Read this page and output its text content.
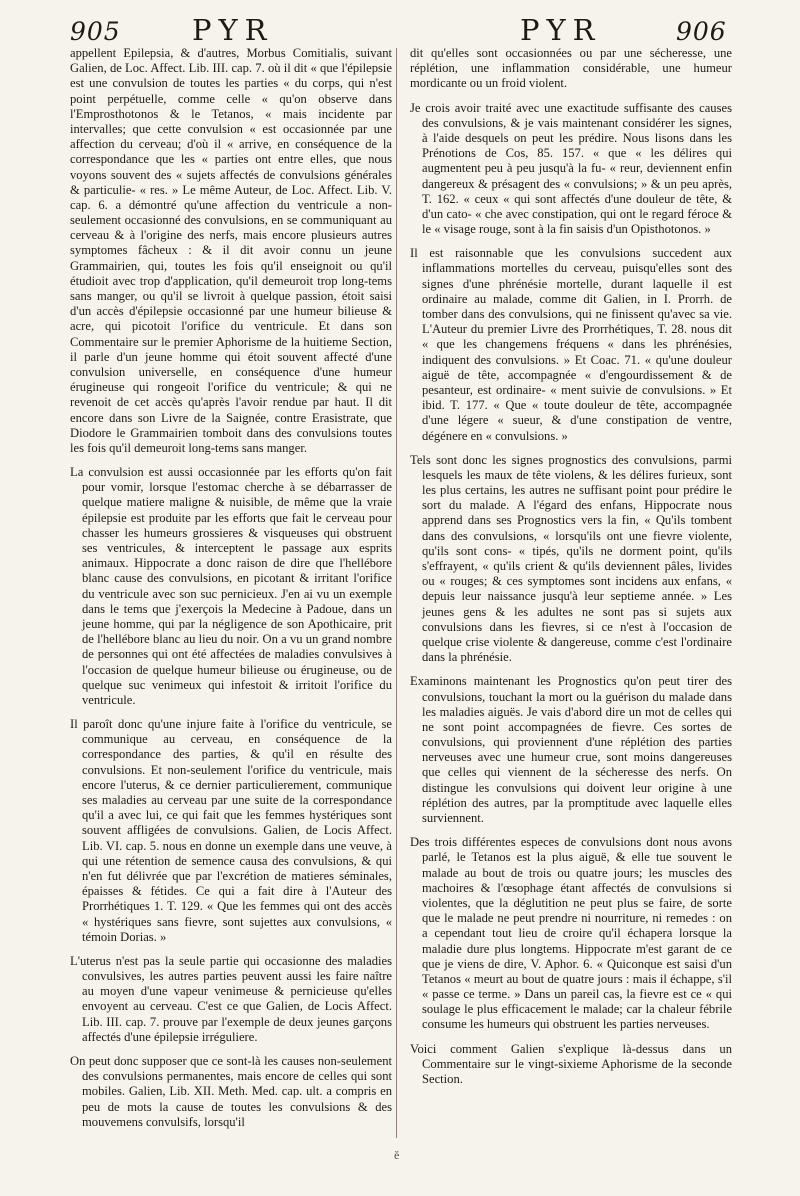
905 PYR	PYR	906

appellent Epilepsia, & d'autres, Morbus Comitialis, suivant Galien, de Loc. Affect. Lib. III. cap. 7. où il dit « que l'épilepsie est une convulsion de toutes les parties « du corps, qui n'est point perpétuelle, comme celle « qu'on observe dans l'Emprosthotonos & le Tetanos, « mais incidente par intervalles; que cette convulsion « est occasionnée par une affection du cerveau; d'où il « arrive, en conséquence de la correspondance que les « parties ont entre elles, que nous voyons souvent des « sujets affectés de convulsions générales & particulie- « res. » Le même Auteur, de Loc. Affect. Lib. V. cap. 6. a démontré qu'une affection du ventricule a non-seulement occasionné des convulsions, en se communiquant au cerveau & à l'origine des nerfs, mais encore plusieurs autres symptomes fâcheux : & il dit avoir connu un jeune Grammairien, qui, toutes les fois qu'il enseignoit ou qu'il étudioit avec trop d'application, qu'il demeuroit trop long-tems sans manger, ou qu'il se livroit à quelque passion, étoit saisi d'un accès d'épilepsie occasionné par une humeur bilieuse & acre, qui picotoit l'orifice du ventricule. Et dans son Commentaire sur le premier Aphorisme de la huitieme Section, il parle d'un jeune homme qui étoit souvent affecté d'une convulsion universelle, en conséquence d'une humeur érugineuse qui rongeoit l'orifice du ventricule; & qui ne revenoit de cet accès qu'après l'avoir rendue par haut. Il dit encore dans son Livre de la Saignée, contre Erasistrate, que Diodore le Grammairien tomboit dans des convulsions toutes les fois qu'il demeuroit long-tems sans manger.

La convulsion est aussi occasionnée par les efforts qu'on fait pour vomir, lorsque l'estomac cherche à se débarrasser de quelque matiere maligne & nuisible, de même que la vraie épilepsie est produite par les efforts que fait le cerveau pour chasser les humeurs grossieres & visqueuses qui obstruent ses ventricules, & interceptent le passage aux esprits animaux. Hippocrate a donc raison de dire que l'hellébore blanc cause des convulsions, en picotant & irritant l'orifice du ventricule avec son suc pernicieux. J'en ai vu un exemple dans le tems que j'exerçois la Medecine à Padoue, dans un jeune homme, qui par la négligence de son Apothicaire, prit de l'hellébore blanc au lieu du noir. On a vu un grand nombre de personnes qui ont été affectées de maladies convulsives à l'occasion de quelque humeur bilieuse ou érugineuse, ou de quelque suc venimeux qui infestoit & irritoit l'orifice du ventricule.

Il paroît donc qu'une injure faite à l'orifice du ventricule, se communique au cerveau, en conséquence de la correspondance des parties, & qu'il en résulte des convulsions. Et non-seulement l'orifice du ventricule, mais encore l'uterus, & ce dernier particulierement, communique ses maladies au cerveau par une suite de la correspondance qu'il a avec lui, ce qui fait que les femmes hystériques sont souvent affligées de convulsions. Galien, de Locis Affect. Lib. VI. cap. 5. nous en donne un exemple dans une veuve, à qui une rétention de semence causa des convulsions, & qui n'en fut délivrée que par l'excrétion de matieres séminales, épaisses & fétides. Ce qui a fait dire à l'Auteur des Prorrhétiques 1. T. 129. « Que les femmes qui ont des accès « hystériques sans fievre, sont sujettes aux convulsions, « témoin Dorias. »

L'uterus n'est pas la seule partie qui occasionne des maladies convulsives, les autres parties peuvent aussi les faire naître au moyen d'une vapeur venimeuse & pernicieuse qu'elles envoyent au cerveau. C'est ce que Galien, de Locis Affect. Lib. III. cap. 7. prouve par l'exemple de deux jeunes garçons affectés d'une épilepsie irréguliere.

On peut donc supposer que ce sont-là les causes non-seulement des convulsions permanentes, mais encore de celles qui sont mobiles. Galien, Lib. XII. Meth. Med. cap. ult. a compris en peu de mots la cause de toutes les convulsions & des mouvemens convulsifs, lorsqu'il

dit qu'elles sont occasionnées ou par une sécheresse, une réplétion, une inflammation considérable, une humeur mordicante ou un froid violent.

Je crois avoir traité avec une exactitude suffisante des causes des convulsions, & je vais maintenant considérer les signes, à l'aide desquels on peut les prédire. Nous lisons dans les Prénotions de Cos, 85. 157. « que « les délires qui augmentent peu à peu jusqu'à la fu- « reur, deviennent enfin dangereux & présagent des « convulsions; » & un peu après, T. 162. « ceux « qui sont affectés d'une douleur de tête, & d'un cato- « che avec constipation, qui ont le regard féroce & le « visage rouge, sont à la fin saisis d'un Opisthotonos. »

Il est raisonnable que les convulsions succedent aux inflammations mortelles du cerveau, puisqu'elles sont des signes d'une phrénésie mortelle, durant laquelle il est ordinaire au malade, comme dit Galien, in I. Prorrh. de tomber dans des convulsions, qui ne finissent qu'avec sa vie. L'Auteur du premier Livre des Prorrhétiques, T. 28. nous dit « que les changemens fréquens « dans les phrénésies, indiquent des convulsions. » Et Coac. 71. « qu'une douleur aiguë de tête, accompagnée « d'engourdissement & de pesanteur, est ordinaire- « ment suivie de convulsions. » Et ibid. T. 177. « Que « toute douleur de tête, accompagnée d'une légere « sueur, & d'une constipation de ventre, dégénere en « convulsions. »

Tels sont donc les signes prognostics des convulsions, parmi lesquels les maux de tête violens, & les délires furieux, sont les plus certains, les autres ne suffisant point pour prédire le sort du malade. A l'égard des enfans, Hippocrate nous apprend dans ses Prognostics vers la fin, « Qu'ils tombent dans des convulsions, « lorsqu'ils ont une fievre violente, qu'ils sont cons- « tipés, qu'ils ne dorment point, qu'ils s'effrayent, « qu'ils crient & qu'ils deviennent pâles, livides ou « rouges; & ces symptomes sont incidens aux enfans, « depuis leur naissance jusqu'à leur septieme année. » Les jeunes gens & les adultes ne sont pas si sujets aux convulsions dans les fievres, si ce n'est à l'occasion de quelque crise violente & dangereuse, comme c'est l'ordinaire dans la phrénésie.

Examinons maintenant les Prognostics qu'on peut tirer des convulsions, touchant la mort ou la guérison du malade dans les maladies aiguës. Je vais d'abord dire un mot de celles qui ne sont point accompagnées de fievre. Ces sortes de convulsions, qui proviennent d'une réplétion des parties nerveuses avec une humeur crue, sont moins dangereuses que celles qui viennent de la sécheresse des nerfs. On distingue les convulsions qui doivent leur origine à une réplétion des autres, par la promptitude avec laquelle elles surviennent.

Des trois différentes especes de convulsions dont nous avons parlé, le Tetanos est la plus aiguë, & elle tue souvent le malade au bout de trois ou quatre jours; les muscles des machoires & l'œsophage étant affectés de convulsions si violentes, que la déglutition ne peut plus se faire, de sorte que le malade ne peut prendre ni nourriture, ni remedes : on a cependant tout lieu de croire qu'il échapera lorsque la maladie dure plus longtems. Hippocrate m'est garant de ce que je viens de dire, V. Aphor. 6. « Quiconque est saisi d'un Tetanos « meurt au bout de quatre jours : mais il échappe, s'il « passe ce terme. » Dans un pareil cas, la fievre est ce « qui soulage le plus efficacement le malade; car la chaleur fébrile consume les humeurs qui obstruent les parties nerveuses.

Voici comment Galien s'explique là-dessus dans un Commentaire sur le vingt-sixieme Aphorisme de la seconde Section.

ĕ
